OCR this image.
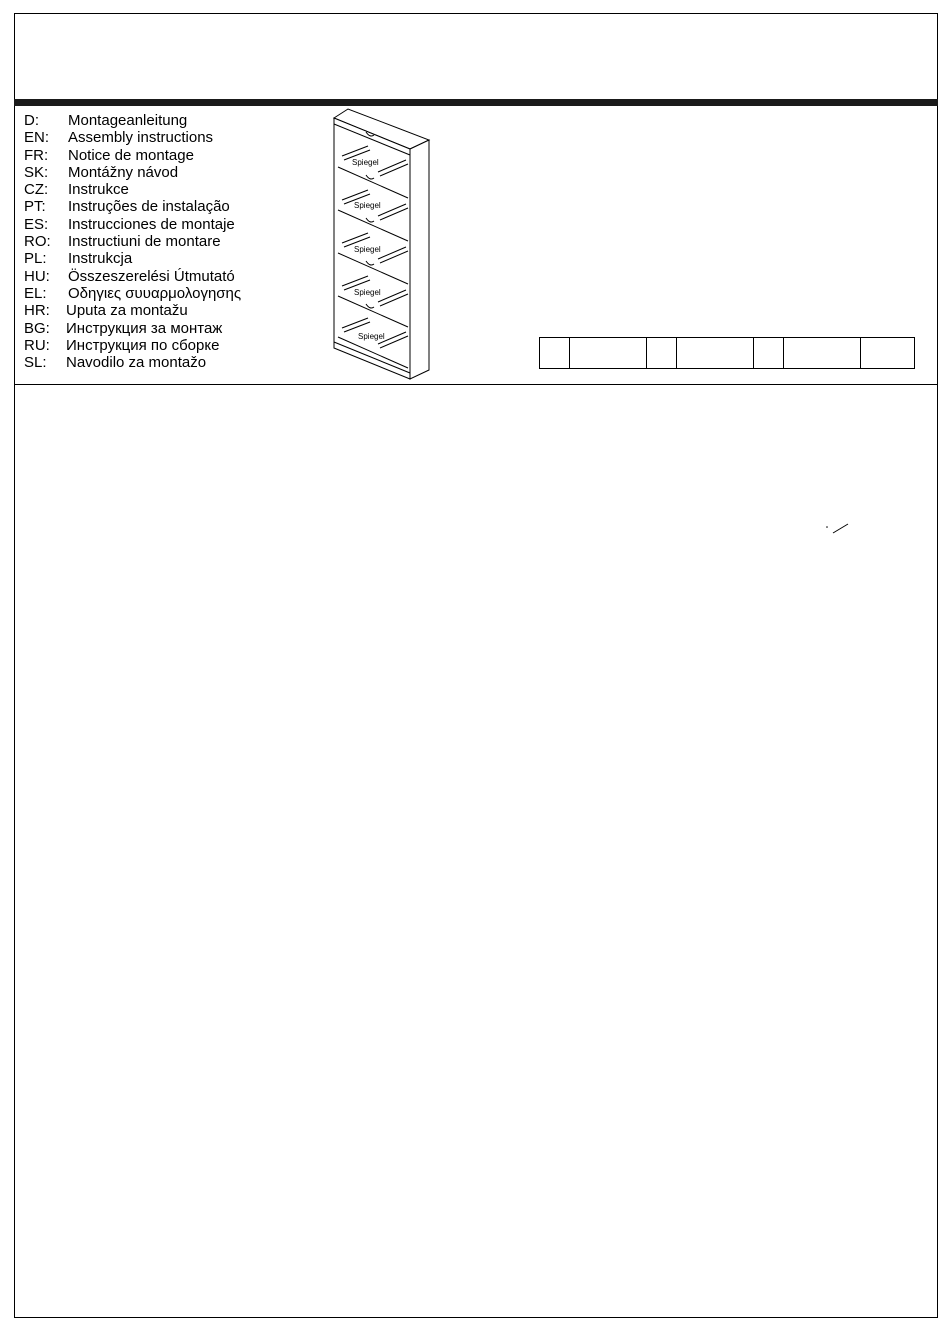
D:	Montageanleitung
EN:	Assembly instructions
FR:	Notice de montage
SK:	Montážny návod
CZ:	Instrukce
PT:	Instruções de instalação
ES:	Instrucciones de montaje
RO:	Instructiuni de montare
PL:	Instrukcja
HU:	Összeszerelési Útmutató
EL:	Οδηγιες συυαρμολογησης
HR:	Uputa za montažu
BG:	Инструкция за монтаж
RU:	Инструкция по сборке
SL:	Navodilo za montažo
Spiegel
Spiegel
Spiegel
Spiegel
Spiegel
